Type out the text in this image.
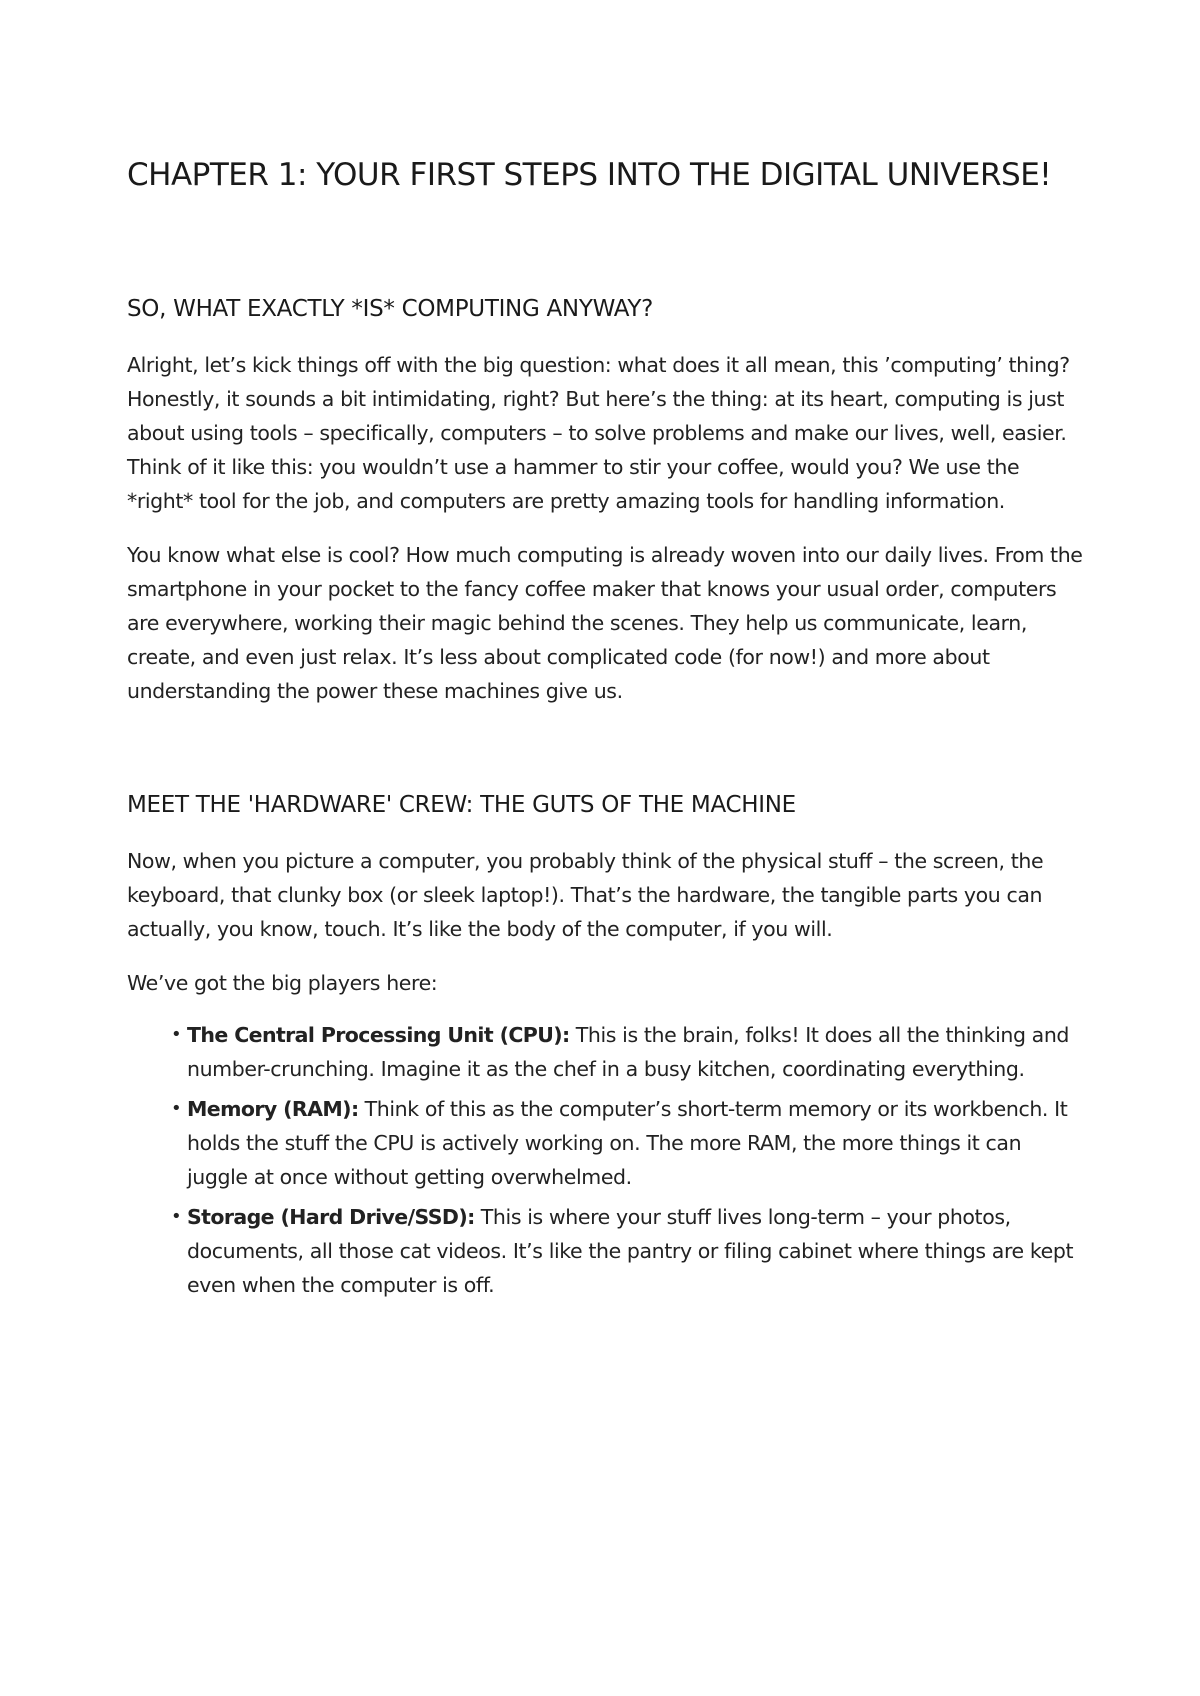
CHAPTER 1: YOUR FIRST STEPS INTO THE DIGITAL UNIVERSE!
SO, WHAT EXACTLY *IS* COMPUTING ANYWAY?

Alright, let’s kick things off with the big question: what does it all mean, this ’computing’ thing? Honestly, it sounds a bit intimidating, right? But here’s the thing: at its heart, computing is just about using tools – specifically, computers – to solve problems and make our lives, well, easier. Think of it like this: you wouldn’t use a hammer to stir your coffee, would you? We use the *right* tool for the job, and computers are pretty amazing tools for handling information.

You know what else is cool? How much computing is already woven into our daily lives. From the smartphone in your pocket to the fancy coffee maker that knows your usual order, computers are everywhere, working their magic behind the scenes. They help us communicate, learn, create, and even just relax. It’s less about complicated code (for now!) and more about understanding the power these machines give us.

MEET THE 'HARDWARE' CREW: THE GUTS OF THE MACHINE

Now, when you picture a computer, you probably think of the physical stuff – the screen, the keyboard, that clunky box (or sleek laptop!). That’s the hardware, the tangible parts you can actually, you know, touch. It’s like the body of the computer, if you will.

We’ve got the big players here:

• The Central Processing Unit (CPU): This is the brain, folks! It does all the thinking and number-crunching. Imagine it as the chef in a busy kitchen, coordinating everything.
• Memory (RAM): Think of this as the computer’s short-term memory or its workbench. It holds the stuff the CPU is actively working on. The more RAM, the more things it can juggle at once without getting overwhelmed.
• Storage (Hard Drive/SSD): This is where your stuff lives long-term – your photos, documents, all those cat videos. It’s like the pantry or filing cabinet where things are kept even when the computer is off.
